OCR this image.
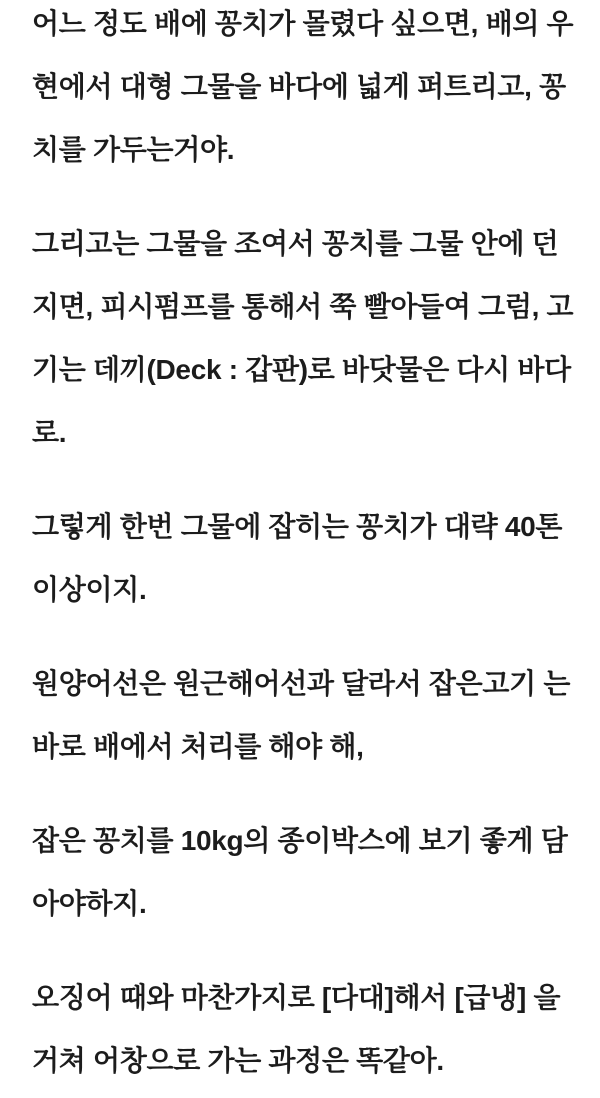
어느 정도 배에 꽁치가 몰렸다 싶으면, 배의 우
현에서 대형 그물을 바다에 넓게 퍼트리고, 꽁
치를 가두는거야.
그리고는 그물을 조여서 꽁치를 그물 안에 던
지면, 피시펌프를 통해서 쭉 빨아들여 그럼, 고
기는 데끼(Deck : 갑판)로 바닷물은 다시 바다
로.
그렇게 한번 그물에 잡히는 꽁치가 대략 40톤
이상이지.
원양어선은 원근해어선과 달라서 잡은고기 는
바로 배에서 처리를 해야 해,
잡은 꽁치를 10kg의 종이박스에 보기 좋게 담
아야하지.
오징어 때와 마찬가지로 [다대]해서 [급냉] 을
거쳐 어창으로 가는 과정은 똑같아.
